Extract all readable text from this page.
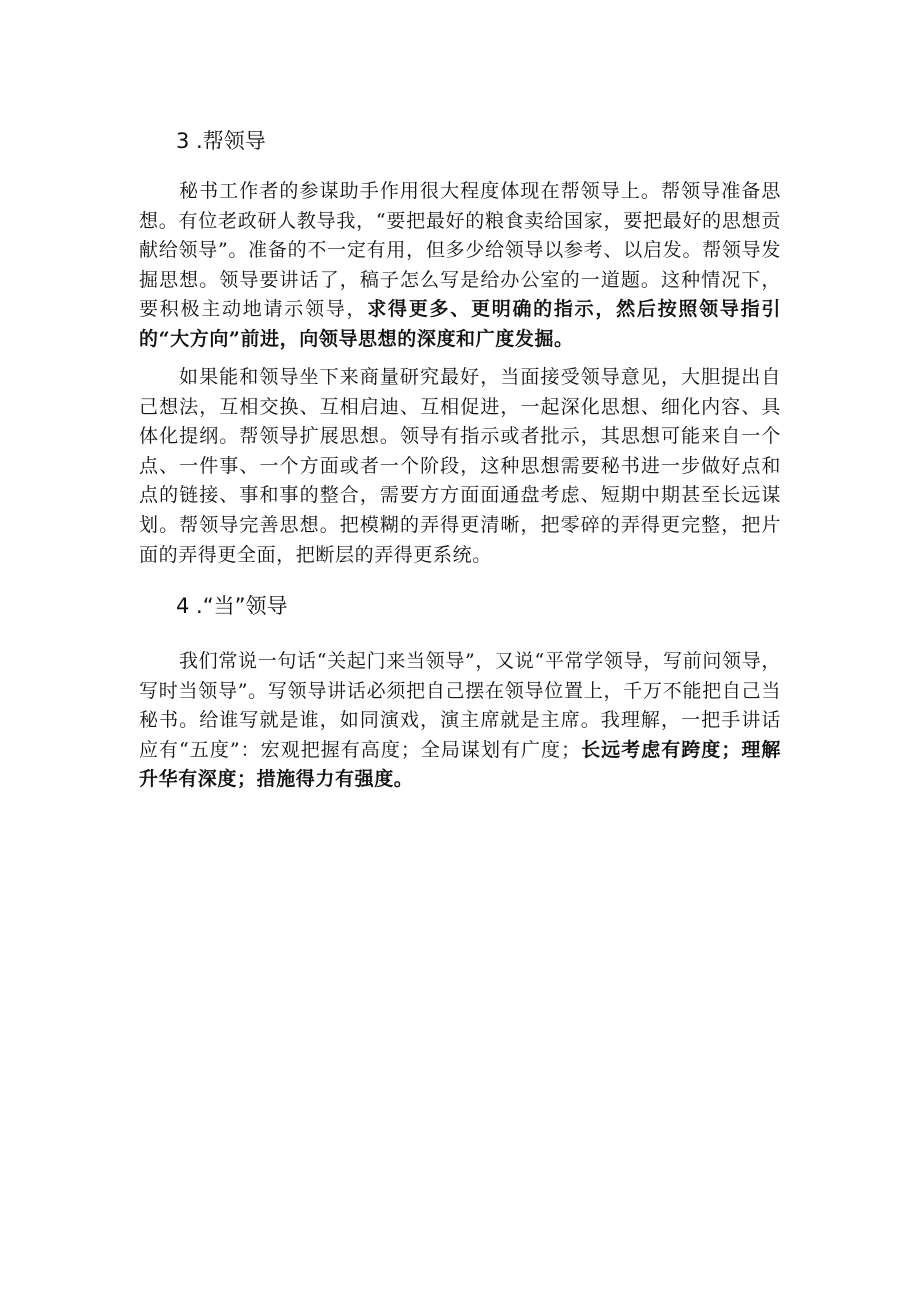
3 .帮领导

秘书工作者的参谋助手作用很大程度体现在帮领导上。帮领导准备思想。有位老政研人教导我，“要把最好的粮食卖给国家，要把最好的思想贡献给领导”。准备的不一定有用，但多少给领导以参考、以启发。帮领导发掘思想。领导要讲话了，稿子怎么写是给办公室的一道题。这种情况下，要积极主动地请示领导，求得更多、更明确的指示，然后按照领导指引的“大方向”前进，向领导思想的深度和广度发掘。

如果能和领导坐下来商量研究最好，当面接受领导意见，大胆提出自己想法，互相交换、互相启迪、互相促进，一起深化思想、细化内容、具体化提纲。帮领导扩展思想。领导有指示或者批示，其思想可能来自一个点、一件事、一个方面或者一个阶段，这种思想需要秘书进一步做好点和点的链接、事和事的整合，需要方方面面通盘考虑、短期中期甚至长远谋划。帮领导完善思想。把模糊的弄得更清晰，把零碎的弄得更完整，把片面的弄得更全面，把断层的弄得更系统。

4 .“当”领导

我们常说一句话“关起门来当领导”，又说“平常学领导，写前问领导，写时当领导”。写领导讲话必须把自己摆在领导位置上，千万不能把自己当秘书。给谁写就是谁，如同演戏，演主席就是主席。我理解，一把手讲话应有“五度”：宏观把握有高度；全局谋划有广度；长远考虑有跨度；理解升华有深度；措施得力有强度。
